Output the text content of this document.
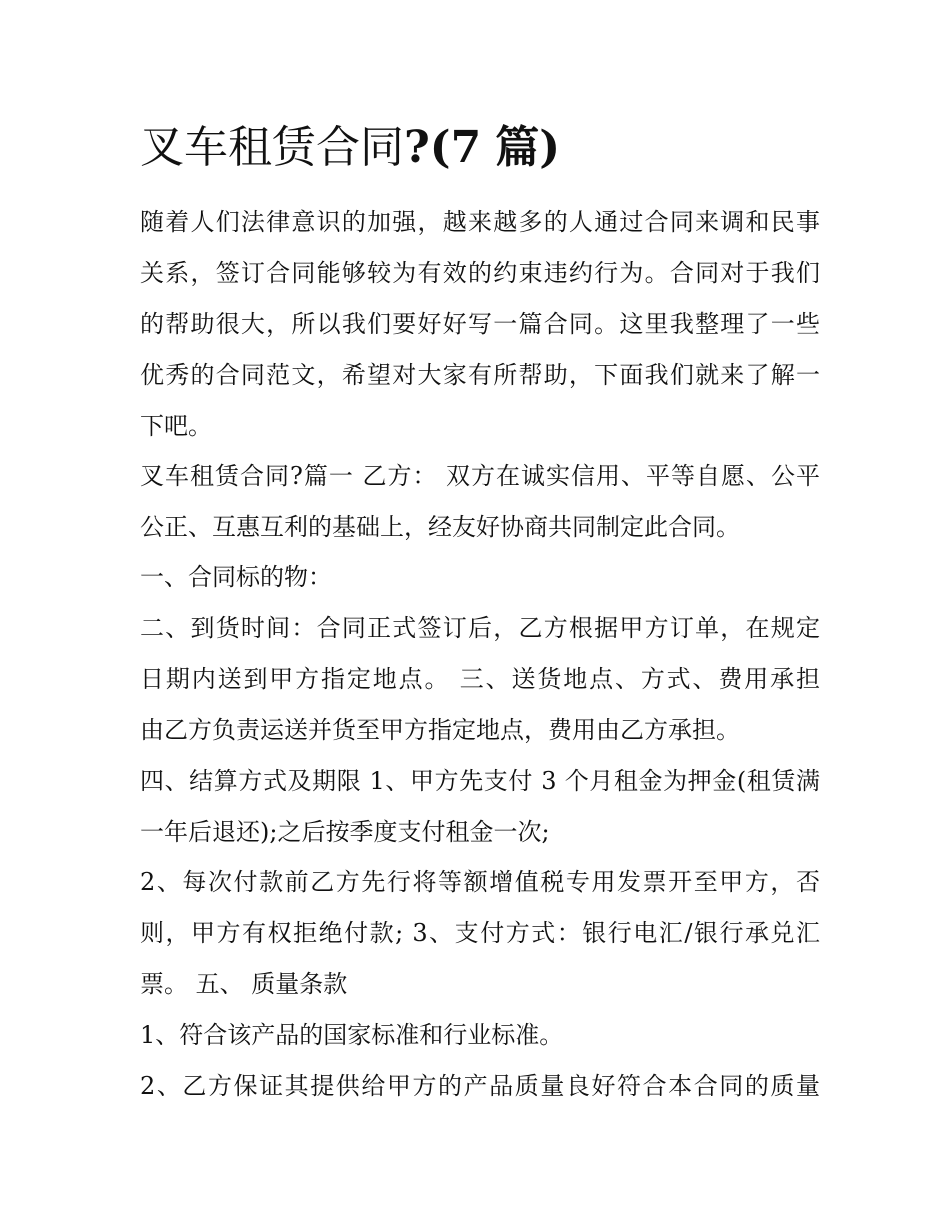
叉车租赁合同?(7 篇)
随着人们法律意识的加强，越来越多的人通过合同来调和民事
关系，签订合同能够较为有效的约束违约行为。合同对于我们
的帮助很大，所以我们要好好写一篇合同。这里我整理了一些
优秀的合同范文，希望对大家有所帮助，下面我们就来了解一
下吧。
叉车租赁合同?篇一 乙方： 双方在诚实信用、平等自愿、公平
公正、互惠互利的基础上，经友好协商共同制定此合同。
一、合同标的物：
二、到货时间：合同正式签订后，乙方根据甲方订单，在规定
日期内送到甲方指定地点。 三、送货地点、方式、费用承担
由乙方负责运送并货至甲方指定地点，费用由乙方承担。
四、结算方式及期限 1、甲方先支付 3 个月租金为押金(租赁满
一年后退还);之后按季度支付租金一次;
2、每次付款前乙方先行将等额增值税专用发票开至甲方，否
则，甲方有权拒绝付款; 3、支付方式：银行电汇/银行承兑汇
票。 五、 质量条款
1、符合该产品的国家标准和行业标准。
2、乙方保证其提供给甲方的产品质量良好符合本合同的质量
